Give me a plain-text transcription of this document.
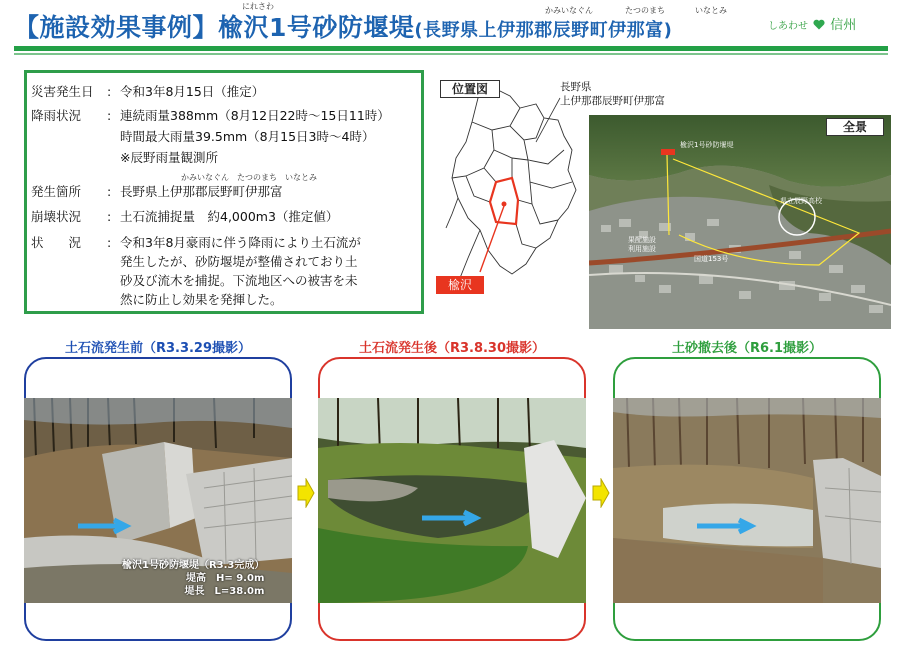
にれさわ	かみいなぐん	たつのまち	いなとみ
【施設効果事例】楡沢1号砂防堰堤(長野県上伊那郡辰野町伊那富)	しあわせ 信州
災害発生日 : 令和3年8月15日（推定）
降雨状況 : 連続雨量388mm（8月12日22時～15日11時）
時間最大雨量39.5mm（8月15日3時～4時）
※辰野雨量観測所
かみいなぐん たつのまち いなとみ
発生箇所 : 長野県上伊那郡辰野町伊那富
崩壊状況 : 土石流捕捉量　約4,000m3（推定値）
状　　況 : 令和3年8月豪雨に伴う降雨により土石流が
発生したが、砂防堰堤が整備されており土
砂及び流木を捕捉。下流地区への被害を未
然に防止し効果を発揮した。
位置図	長野県
上伊那郡辰野町伊那富
楡沢
楡沢1号砂防堰堤
県立辰野高校
果配施設
利用施設
国道153号
全景
土石流発生前（R3.3.29撮影）
楡沢1号砂防堰堤（R3.3完成）
堤高　H= 9.0m
堤長　L=38.0m
土石流発生後（R3.8.30撮影）	土砂撤去後（R6.1撮影）
